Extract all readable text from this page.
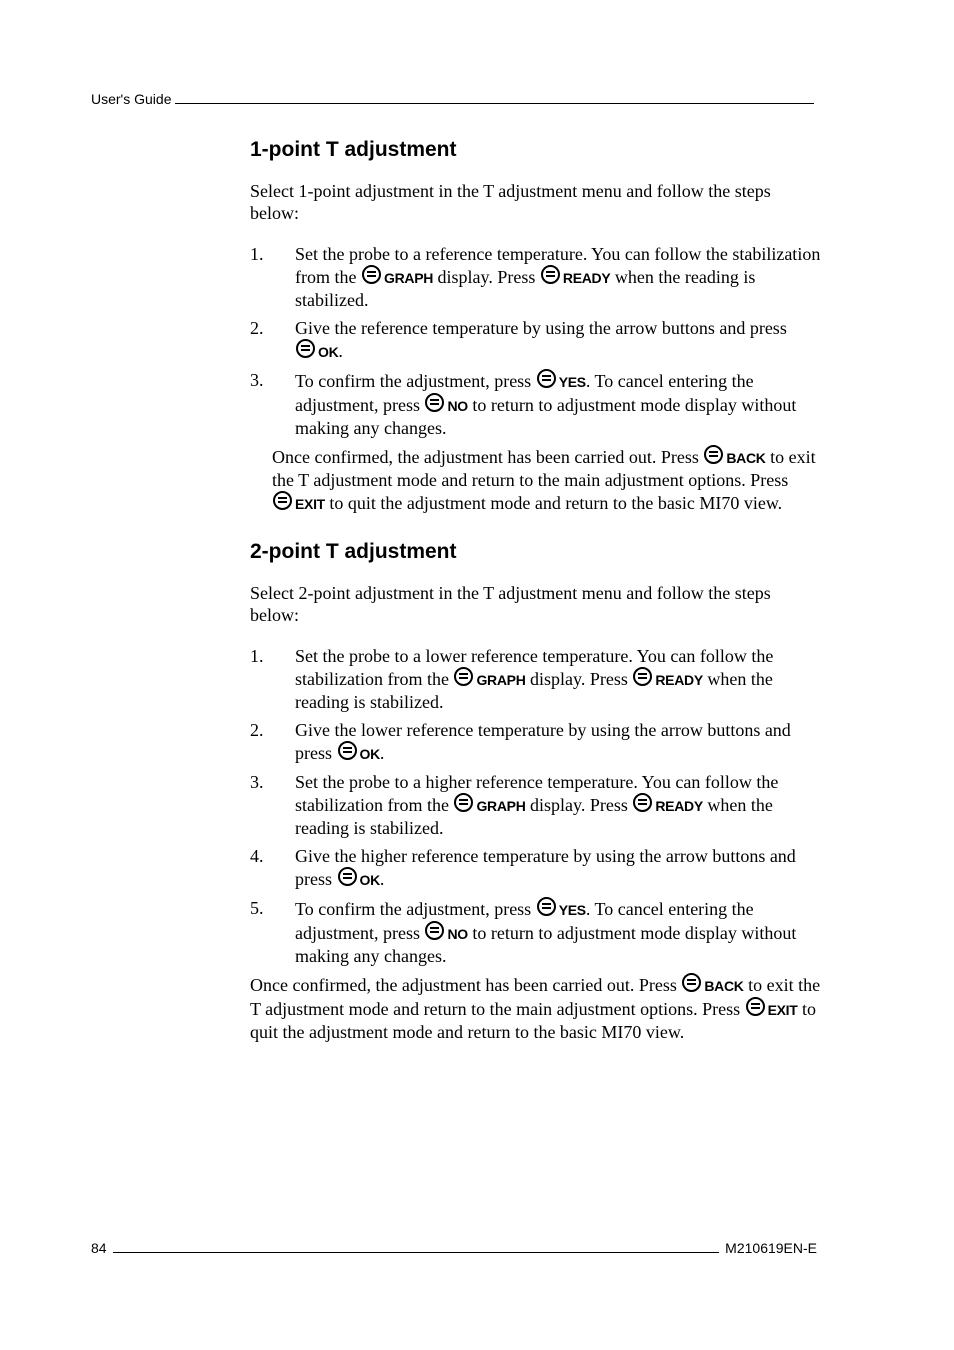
User's Guide
1-point T adjustment

Select 1-point adjustment in the T adjustment menu and follow the steps below:

1.	Set the probe to a reference temperature. You can follow the stabilization from the GRAPH display. Press READY when the reading is stabilized.
2.	Give the reference temperature by using the arrow buttons and press OK.
3.	To confirm the adjustment, press YES. To cancel entering the adjustment, press NO to return to adjustment mode display without making any changes.

Once confirmed, the adjustment has been carried out. Press BACK to exit the T adjustment mode and return to the main adjustment options. Press EXIT to quit the adjustment mode and return to the basic MI70 view.

2-point T adjustment

Select 2-point adjustment in the T adjustment menu and follow the steps below:

1.	Set the probe to a lower reference temperature. You can follow the stabilization from the GRAPH display. Press READY when the reading is stabilized.
2.	Give the lower reference temperature by using the arrow buttons and press OK.
3.	Set the probe to a higher reference temperature. You can follow the stabilization from the GRAPH display. Press READY when the reading is stabilized.
4.	Give the higher reference temperature by using the arrow buttons and press OK.
5.	To confirm the adjustment, press YES. To cancel entering the adjustment, press NO to return to adjustment mode display without making any changes.

Once confirmed, the adjustment has been carried out. Press BACK to exit the T adjustment mode and return to the main adjustment options. Press EXIT to quit the adjustment mode and return to the basic MI70 view.

84	M210619EN-E
